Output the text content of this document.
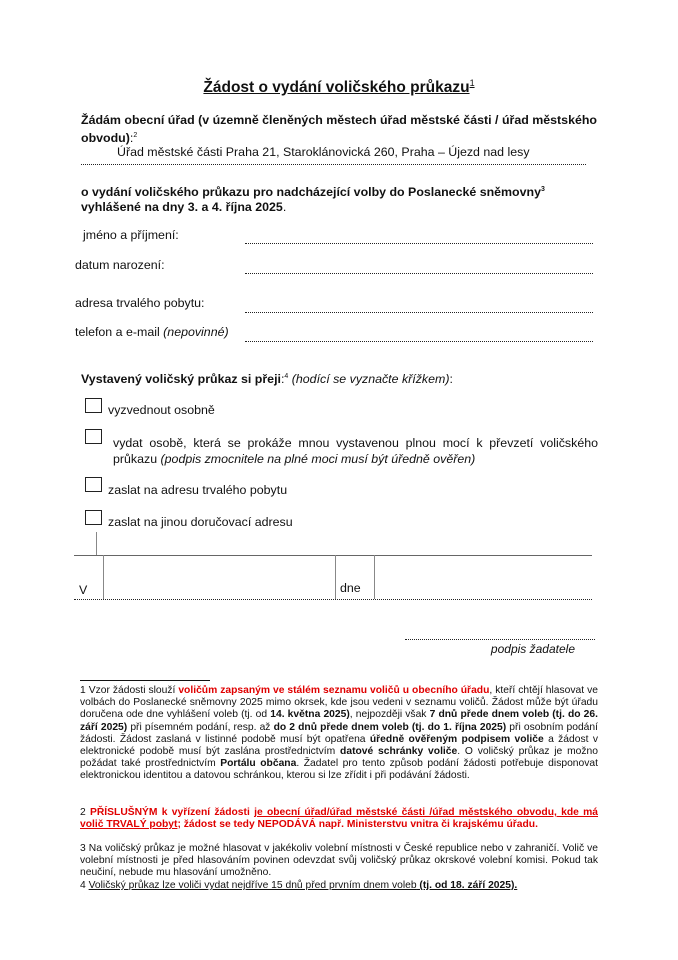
Žádost o vydání voličského průkazu$^1$
Žádám obecní úřad (v územně členěných městech úřad městské části / úřad městského obvodu):$^2$
Úřad městské části Praha 21, Staroklánovická 260, Praha – Újezd nad lesy
o vydání voličského průkazu pro nadcházející volby do Poslanecké sněmovny$^3$
vyhlášené na dny 3. a 4. října 2025.
jméno a příjmení:
datum narození:
adresa trvalého pobytu:
telefon a e-mail (nepovinné)
Vystavený voličský průkaz si přeji:$^4$ (hodící se vyznačte křížkem):
vyzvednout osobně
vydat osobě, která se prokáže mnou vystavenou plnou mocí k převzetí voličského průkazu (podpis zmocnitele na plné moci musí být úředně ověřen)
zaslat na adresu trvalého pobytu
zaslat na jinou doručovací adresu
V	dne
podpis žadatele
1 Vzor žádosti slouží voličům zapsaným ve stálém seznamu voličů u obecního úřadu, kteří chtějí hlasovat ve volbách do Poslanecké sněmovny 2025 mimo okrsek, kde jsou vedeni v seznamu voličů. Žádost může být úřadu doručena ode dne vyhlášení voleb (tj. od 14. května 2025), nejpozději však 7 dnů přede dnem voleb (tj. do 26. září 2025) při písemném podání, resp. až do 2 dnů přede dnem voleb (tj. do 1. října 2025) při osobním podání žádosti. Žádost zaslaná v listinné podobě musí být opatřena úředně ověřeným podpisem voliče a žádost v elektronické podobě musí být zaslána prostřednictvím datové schránky voliče. O voličský průkaz je možno požádat také prostřednictvím Portálu občana. Žadatel pro tento způsob podání žádosti potřebuje disponovat elektronickou identitou a datovou schránkou, kterou si lze zřídit i při podávání žádosti.
2 PŘÍSLUŠNÝM k vyřízení žádosti je obecní úřad/úřad městské části /úřad městského obvodu, kde má volič TRVALÝ pobyt; žádost se tedy NEPODÁVÁ např. Ministerstvu vnitra či krajskému úřadu.
3 Na voličský průkaz je možné hlasovat v jakékoliv volební místnosti v České republice nebo v zahraničí. Volič ve volební místnosti je před hlasováním povinen odevzdat svůj voličský průkaz okrskové volební komisi. Pokud tak neučiní, nebude mu hlasování umožněno.
4 Voličský průkaz lze voliči vydat nejdříve 15 dnů před prvním dnem voleb (tj. od 18. září 2025).
